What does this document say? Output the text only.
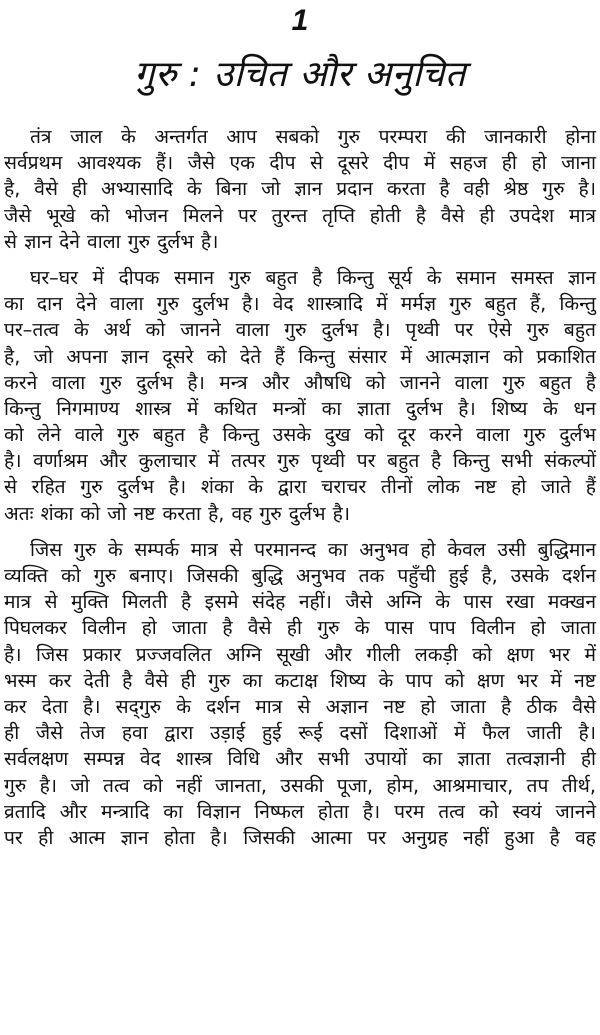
1
गुरु : उचित और अनुचित
तंत्र जाल के अन्तर्गत आप सबको गुरु परम्परा की जानकारी होना
सर्वप्रथम आवश्यक हैं। जैसे एक दीप से दूसरे दीप में सहज ही हो जाना
है, वैसे ही अभ्यासादि के बिना जो ज्ञान प्रदान करता है वही श्रेष्ठ गुरु है।
जैसे भूखे को भोजन मिलने पर तुरन्त तृप्ति होती है वैसे ही उपदेश मात्र
से ज्ञान देने वाला गुरु दुर्लभ है।
घर–घर में दीपक समान गुरु बहुत है किन्तु सूर्य के समान समस्त ज्ञान
का दान देने वाला गुरु दुर्लभ है। वेद शास्त्रादि में मर्मज्ञ गुरु बहुत हैं, किन्तु
पर–तत्व के अर्थ को जानने वाला गुरु दुर्लभ है। पृथ्वी पर ऐसे गुरु बहुत
है, जो अपना ज्ञान दूसरे को देते हैं किन्तु संसार में आत्मज्ञान को प्रकाशित
करने वाला गुरु दुर्लभ है। मन्त्र और औषधि को जानने वाला गुरु बहुत है
किन्तु निगमाण्य शास्त्र में कथित मन्त्रों का ज्ञाता दुर्लभ है। शिष्य के धन
को लेने वाले गुरु बहुत है किन्तु उसके दुख को दूर करने वाला गुरु दुर्लभ
है। वर्णाश्रम और कुलाचार में तत्पर गुरु पृथ्वी पर बहुत है किन्तु सभी संकल्पों
से रहित गुरु दुर्लभ है। शंका के द्वारा चराचर तीनों लोक नष्ट हो जाते हैं
अतः शंका को जो नष्ट करता है, वह गुरु दुर्लभ है।
जिस गुरु के सम्पर्क मात्र से परमानन्द का अनुभव हो केवल उसी बुद्धिमान
व्यक्ति को गुरु बनाए। जिसकी बुद्धि अनुभव तक पहुँची हुई है, उसके दर्शन
मात्र से मुक्ति मिलती है इसमे संदेह नहीं। जैसे अग्नि के पास रखा मक्खन
पिघलकर विलीन हो जाता है वैसे ही गुरु के पास पाप विलीन हो जाता
है। जिस प्रकार प्रज्जवलित अग्नि सूखी और गीली लकड़ी को क्षण भर में
भस्म कर देती है वैसे ही गुरु का कटाक्ष शिष्य के पाप को क्षण भर में नष्ट
कर देता है। सद्‌गुरु के दर्शन मात्र से अज्ञान नष्ट हो जाता है ठीक वैसे
ही जैसे तेज हवा द्वारा उड़ाई हुई रूई दसों दिशाओं में फैल जाती है।
सर्वलक्षण सम्पन्न वेद शास्त्र विधि और सभी उपायों का ज्ञाता तत्वज्ञानी ही
गुरु है। जो तत्व को नहीं जानता, उसकी पूजा, होम, आश्रमाचार, तप तीर्थ,
व्रतादि और मन्त्रादि का विज्ञान निष्फल होता है। परम तत्व को स्वयं जानने
पर ही आत्म ज्ञान होता है। जिसकी आत्मा पर अनुग्रह नहीं हुआ है वह
